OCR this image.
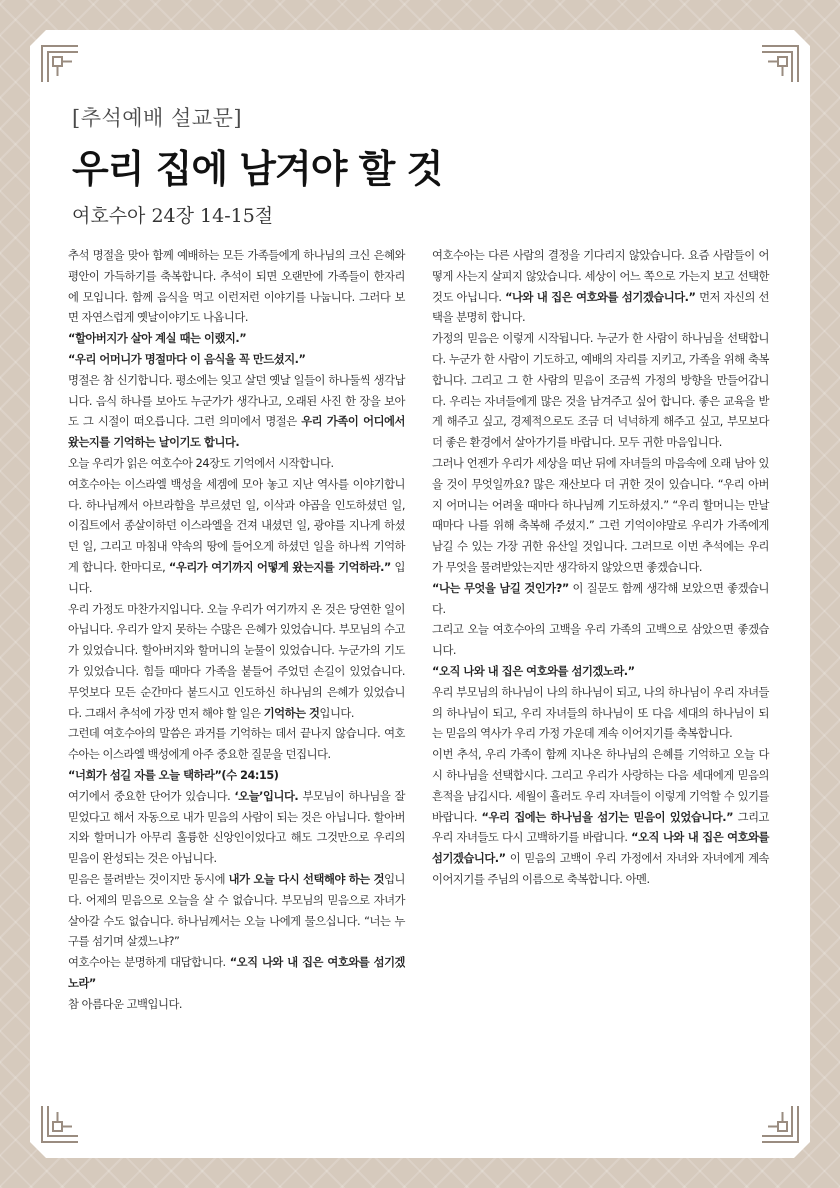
[추석예배 설교문]

우리 집에 남겨야 할 것

여호수아 24장 14-15절

추석 명절을 맞아 함께 예배하는 모든 가족들에게 하나님의 크신 은혜와 평안이 가득하기를 축복합니다. 추석이 되면 오랜만에 가족들이 한자리에 모입니다. 함께 음식을 먹고 이런저런 이야기를 나눕니다. 그러다 보면 자연스럽게 옛날이야기도 나옵니다.

“할아버지가 살아 계실 때는 이랬지.”

“우리 어머니가 명절마다 이 음식을 꼭 만드셨지.”

명절은 참 신기합니다. 평소에는 잊고 살던 옛날 일들이 하나둘씩 생각납니다. 음식 하나를 보아도 누군가가 생각나고, 오래된 사진 한 장을 보아도 그 시절이 떠오릅니다. 그런 의미에서 명절은 우리 가족이 어디에서 왔는지를 기억하는 날이기도 합니다.

오늘 우리가 읽은 여호수아 24장도 기억에서 시작합니다.

여호수아는 이스라엘 백성을 세겜에 모아 놓고 지난 역사를 이야기합니다. 하나님께서 아브라함을 부르셨던 일, 이삭과 야곱을 인도하셨던 일, 이집트에서 종살이하던 이스라엘을 건져 내셨던 일, 광야를 지나게 하셨던 일, 그리고 마침내 약속의 땅에 들어오게 하셨던 일을 하나씩 기억하게 합니다. 한마디로, “우리가 여기까지 어떻게 왔는지를 기억하라.” 입니다.

우리 가정도 마찬가지입니다. 오늘 우리가 여기까지 온 것은 당연한 일이 아닙니다. 우리가 알지 못하는 수많은 은혜가 있었습니다. 부모님의 수고가 있었습니다. 할아버지와 할머니의 눈물이 있었습니다. 누군가의 기도가 있었습니다. 힘들 때마다 가족을 붙들어 주었던 손길이 있었습니다. 무엇보다 모든 순간마다 붙드시고 인도하신 하나님의 은혜가 있었습니다. 그래서 추석에 가장 먼저 해야 할 일은 기억하는 것입니다.

그런데 여호수아의 말씀은 과거를 기억하는 데서 끝나지 않습니다. 여호수아는 이스라엘 백성에게 아주 중요한 질문을 던집니다.

“너희가 섬길 자를 오늘 택하라”(수 24:15)

여기에서 중요한 단어가 있습니다. ‘오늘’입니다. 부모님이 하나님을 잘 믿었다고 해서 자동으로 내가 믿음의 사람이 되는 것은 아닙니다. 할아버지와 할머니가 아무리 훌륭한 신앙인이었다고 해도 그것만으로 우리의 믿음이 완성되는 것은 아닙니다.

믿음은 물려받는 것이지만 동시에 내가 오늘 다시 선택해야 하는 것입니다. 어제의 믿음으로 오늘을 살 수 없습니다. 부모님의 믿음으로 자녀가 살아갈 수도 없습니다. 하나님께서는 오늘 나에게 물으십니다. “너는 누구를 섬기며 살겠느냐?”

여호수아는 분명하게 대답합니다. “오직 나와 내 집은 여호와를 섬기겠노라”

참 아름다운 고백입니다.

여호수아는 다른 사람의 결정을 기다리지 않았습니다. 요즘 사람들이 어떻게 사는지 살피지 않았습니다. 세상이 어느 쪽으로 가는지 보고 선택한 것도 아닙니다. “나와 내 집은 여호와를 섬기겠습니다.” 먼저 자신의 선택을 분명히 합니다.

가정의 믿음은 이렇게 시작됩니다. 누군가 한 사람이 하나님을 선택합니다. 누군가 한 사람이 기도하고, 예배의 자리를 지키고, 가족을 위해 축복합니다. 그리고 그 한 사람의 믿음이 조금씩 가정의 방향을 만들어갑니다. 우리는 자녀들에게 많은 것을 남겨주고 싶어 합니다. 좋은 교육을 받게 해주고 싶고, 경제적으로도 조금 더 넉넉하게 해주고 싶고, 부모보다 더 좋은 환경에서 살아가기를 바랍니다. 모두 귀한 마음입니다.

그러나 언젠가 우리가 세상을 떠난 뒤에 자녀들의 마음속에 오래 남아 있을 것이 무엇일까요? 많은 재산보다 더 귀한 것이 있습니다. “우리 아버지 어머니는 어려울 때마다 하나님께 기도하셨지.” “우리 할머니는 만날 때마다 나를 위해 축복해 주셨지.” 그런 기억이야말로 우리가 가족에게 남길 수 있는 가장 귀한 유산일 것입니다. 그러므로 이번 추석에는 우리가 무엇을 물려받았는지만 생각하지 않았으면 좋겠습니다.

“나는 무엇을 남길 것인가?” 이 질문도 함께 생각해 보았으면 좋겠습니다.

그리고 오늘 여호수아의 고백을 우리 가족의 고백으로 삼았으면 좋겠습니다.

“오직 나와 내 집은 여호와를 섬기겠노라.”

우리 부모님의 하나님이 나의 하나님이 되고, 나의 하나님이 우리 자녀들의 하나님이 되고, 우리 자녀들의 하나님이 또 다음 세대의 하나님이 되는 믿음의 역사가 우리 가정 가운데 계속 이어지기를 축복합니다.

이번 추석, 우리 가족이 함께 지나온 하나님의 은혜를 기억하고 오늘 다시 하나님을 선택합시다. 그리고 우리가 사랑하는 다음 세대에게 믿음의 흔적을 남깁시다. 세월이 흘러도 우리 자녀들이 이렇게 기억할 수 있기를 바랍니다. “우리 집에는 하나님을 섬기는 믿음이 있었습니다.” 그리고 우리 자녀들도 다시 고백하기를 바랍니다. “오직 나와 내 집은 여호와를 섬기겠습니다.” 이 믿음의 고백이 우리 가정에서 자녀와 자녀에게 계속 이어지기를 주님의 이름으로 축복합니다. 아멘.
